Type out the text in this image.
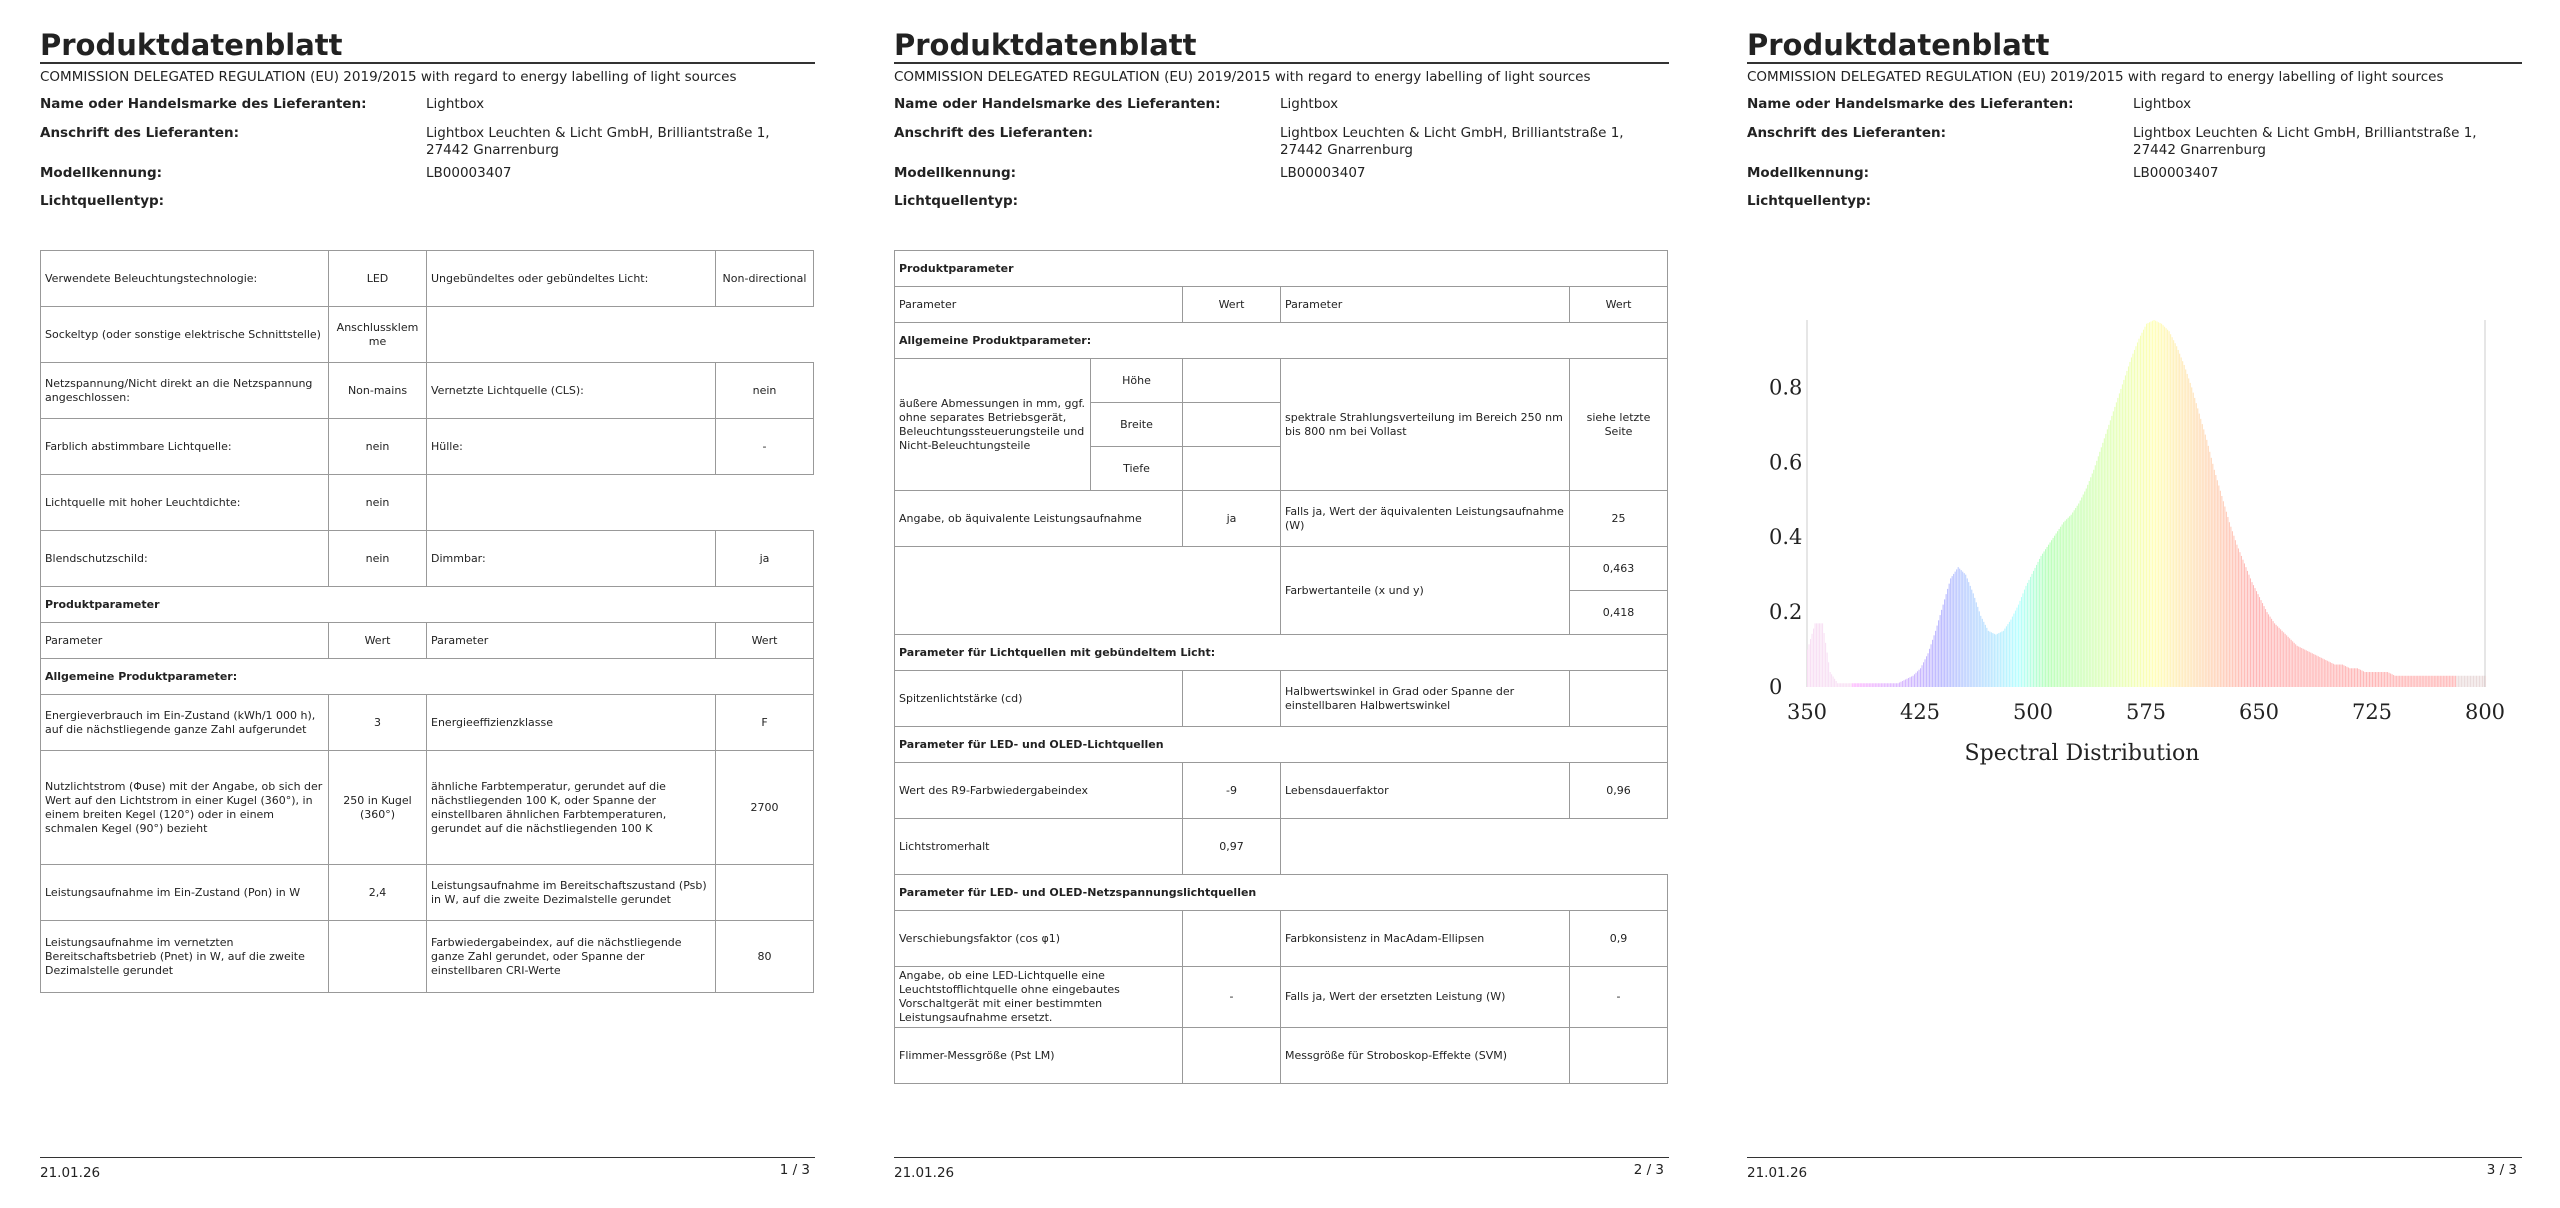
Produktdatenblatt
COMMISSION DELEGATED REGULATION (EU) 2019/2015 with regard to energy labelling of light sources
Name oder Handelsmarke des Lieferanten:	Lightbox
Anschrift des Lieferanten:	Lightbox Leuchten & Licht GmbH, Brilliantstraße 1, 27442 Gnarrenburg
Modellkennung:	LB00003407
Lichtquellentyp:
Verwendete Beleuchtungstechnologie:	LED	Ungebündeltes oder gebündeltes Licht:	Non-directional
Sockeltyp (oder sonstige elektrische Schnittstelle)	Anschlussklemme		
Netzspannung/Nicht direkt an die Netzspannung angeschlossen:	Non-mains	Vernetzte Lichtquelle (CLS):	nein
Farblich abstimmbare Lichtquelle:	nein	Hülle:	-
Lichtquelle mit hoher Leuchtdichte:	nein		
Blendschutzschild:	nein	Dimmbar:	ja
Produktparameter			
Parameter	Wert	Parameter	Wert
Allgemeine Produktparameter:			
Energieverbrauch im Ein-Zustand (kWh/1 000 h), auf die nächstliegende ganze Zahl aufgerundet	3	Energieeffizienzklasse	F
Nutzlichtstrom (Φuse) mit der Angabe, ob sich der Wert auf den Lichtstrom in einer Kugel (360°), in einem breiten Kegel (120°) oder in einem schmalen Kegel (90°) bezieht	250 in Kugel (360°)	ähnliche Farbtemperatur, gerundet auf die nächstliegenden 100 K, oder Spanne der einstellbaren ähnlichen Farbtemperaturen, gerundet auf die nächstliegenden 100 K	2700
Leistungsaufnahme im Ein-Zustand (Pon) in W	2,4	Leistungsaufnahme im Bereitschaftszustand (Psb) in W, auf die zweite Dezimalstelle gerundet	
Leistungsaufnahme im vernetzten Bereitschaftsbetrieb (Pnet) in W, auf die zweite Dezimalstelle gerundet		Farbwiedergabeindex, auf die nächstliegende ganze Zahl gerundet, oder Spanne der einstellbaren CRI-Werte	80
21.01.26	1 / 3
Produktdatenblatt
COMMISSION DELEGATED REGULATION (EU) 2019/2015 with regard to energy labelling of light sources
Name oder Handelsmarke des Lieferanten:	Lightbox
Anschrift des Lieferanten:	Lightbox Leuchten & Licht GmbH, Brilliantstraße 1, 27442 Gnarrenburg
Modellkennung:	LB00003407
Lichtquellentyp:
Produktparameter				
Parameter		Wert	Parameter	Wert
Allgemeine Produktparameter:				
äußere Abmessungen in mm, ggf. ohne separates Betriebsgerät, Beleuchtungssteuerungsteile und Nicht-Beleuchtungsteile	Höhe		spektrale Strahlungsverteilung im Bereich 250 nm bis 800 nm bei Vollast	siehe letzte Seite
	Breite			
	Tiefe			
Angabe, ob äquivalente Leistungsaufnahme		ja	Falls ja, Wert der äquivalenten Leistungsaufnahme (W)	25
			Farbwertanteile (x und y)	0,463
				0,418
Parameter für Lichtquellen mit gebündeltem Licht:				
Spitzenlichtstärke (cd)			Halbwertswinkel in Grad oder Spanne der einstellbaren Halbwertswinkel	
Parameter für LED- und OLED-Lichtquellen				
Wert des R9-Farbwiedergabeindex		-9	Lebensdauerfaktor	0,96
Lichtstromerhalt		0,97		
Parameter für LED- und OLED-Netzspannungslichtquellen				
Verschiebungsfaktor (cos φ1)			Farbkonsistenz in MacAdam-Ellipsen	0,9
Angabe, ob eine LED-Lichtquelle eine Leuchtstofflichtquelle ohne eingebautes Vorschaltgerät mit einer bestimmten Leistungsaufnahme ersetzt.		-	Falls ja, Wert der ersetzten Leistung (W)	-
Flimmer-Messgröße (Pst LM)			Messgröße für Stroboskop-Effekte (SVM)	
21.01.26	2 / 3
Produktdatenblatt
COMMISSION DELEGATED REGULATION (EU) 2019/2015 with regard to energy labelling of light sources
Name oder Handelsmarke des Lieferanten:	Lightbox
Anschrift des Lieferanten:	Lightbox Leuchten & Licht GmbH, Brilliantstraße 1, 27442 Gnarrenburg
Modellkennung:	LB00003407
Lichtquellentyp:
0
0.2
0.4
0.6
0.8
350	425	500	575	650	725	800
Spectral Distribution
21.01.26	3 / 3
